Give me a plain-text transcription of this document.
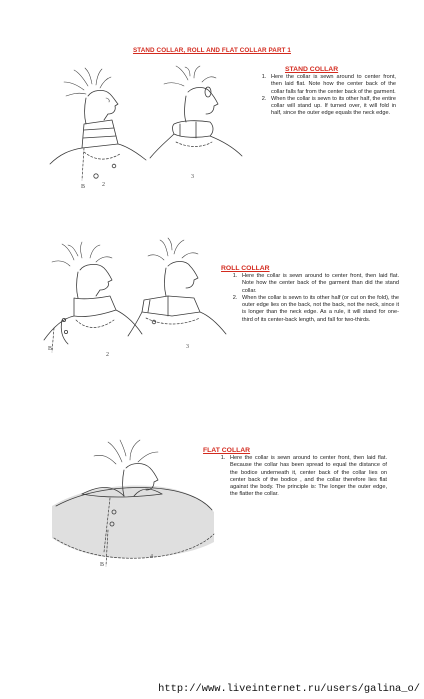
STAND COLLAR, ROLL AND FLAT COLLAR PART 1
B	2
3
STAND COLLAR
1. Here the collar is sewn around to center front, then laid flat. Note how the center back of the collar falls far from the center back of the garment.
2. When the collar is sewn to its other half, the entire collar will stand up. If turned over, it will fold in half, since the outer edge equals the neck edge.
B
2
3
ROLL COLLAR
1. Here the collar is sewn around to center front, then laid flat. Note how the center back of the garment than did the stand collar.
2. When the collar is sewn to its other half (or cut on the fold), the outer edge lies on the back, not the back, not the neck, since it is longer than the neck edge. As a rule, it will stand for one-third of its center-back length, and fall for two-thirds.
B
4
FLAT COLLAR
1. Here the collar is sewn around to center front, then laid flat. Because the collar has been spread to equal the distance of the bodice underneath it, center back of the collar lies on center back of the bodice , and the collar therefore lies flat against the body. The principle is: The longer the outer edge, the flatter the collar.
http://www.liveinternet.ru/users/galina_o/
